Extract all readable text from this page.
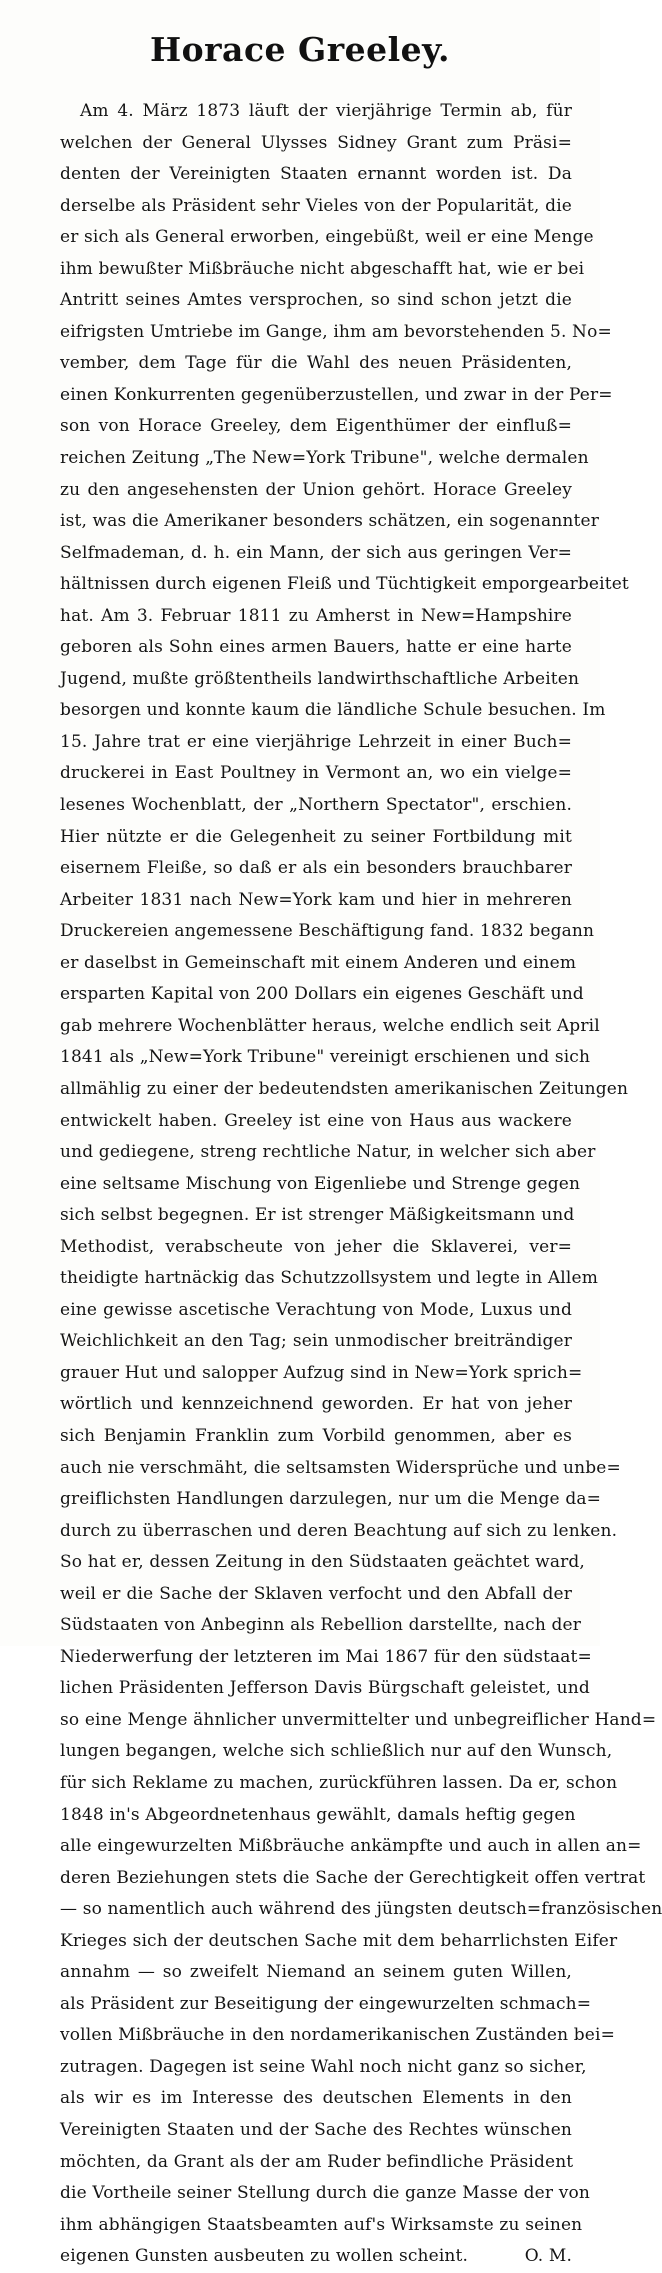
Horace Greeley.
Am 4. März 1873 läuft der vierjährige Termin ab, für
welchen der General Ulysses Sidney Grant zum Präsi=
denten der Vereinigten Staaten ernannt worden ist. Da
derselbe als Präsident sehr Vieles von der Popularität, die
er sich als General erworben, eingebüßt, weil er eine Menge
ihm bewußter Mißbräuche nicht abgeschafft hat, wie er bei
Antritt seines Amtes versprochen, so sind schon jetzt die
eifrigsten Umtriebe im Gange, ihm am bevorstehenden 5. No=
vember, dem Tage für die Wahl des neuen Präsidenten,
einen Konkurrenten gegenüberzustellen, und zwar in der Per=
son von Horace Greeley, dem Eigenthümer der einfluß=
reichen Zeitung „The New=York Tribune", welche dermalen
zu den angesehensten der Union gehört. Horace Greeley
ist, was die Amerikaner besonders schätzen, ein sogenannter
Selfmademan, d. h. ein Mann, der sich aus geringen Ver=
hältnissen durch eigenen Fleiß und Tüchtigkeit emporgearbeitet
hat. Am 3. Februar 1811 zu Amherst in New=Hampshire
geboren als Sohn eines armen Bauers, hatte er eine harte
Jugend, mußte größtentheils landwirthschaftliche Arbeiten
besorgen und konnte kaum die ländliche Schule besuchen. Im
15. Jahre trat er eine vierjährige Lehrzeit in einer Buch=
druckerei in East Poultney in Vermont an, wo ein vielge=
lesenes Wochenblatt, der „Northern Spectator", erschien.
Hier nützte er die Gelegenheit zu seiner Fortbildung mit
eisernem Fleiße, so daß er als ein besonders brauchbarer
Arbeiter 1831 nach New=York kam und hier in mehreren
Druckereien angemessene Beschäftigung fand. 1832 begann
er daselbst in Gemeinschaft mit einem Anderen und einem
ersparten Kapital von 200 Dollars ein eigenes Geschäft und
gab mehrere Wochenblätter heraus, welche endlich seit April
1841 als „New=York Tribune" vereinigt erschienen und sich
allmählig zu einer der bedeutendsten amerikanischen Zeitungen
entwickelt haben. Greeley ist eine von Haus aus wackere
und gediegene, streng rechtliche Natur, in welcher sich aber
eine seltsame Mischung von Eigenliebe und Strenge gegen
sich selbst begegnen. Er ist strenger Mäßigkeitsmann und
Methodist, verabscheute von jeher die Sklaverei, ver=
theidigte hartnäckig das Schutzzollsystem und legte in Allem
eine gewisse ascetische Verachtung von Mode, Luxus und
Weichlichkeit an den Tag; sein unmodischer breiträndiger
grauer Hut und salopper Aufzug sind in New=York sprich=
wörtlich und kennzeichnend geworden. Er hat von jeher
sich Benjamin Franklin zum Vorbild genommen, aber es
auch nie verschmäht, die seltsamsten Widersprüche und unbe=
greiflichsten Handlungen darzulegen, nur um die Menge da=
durch zu überraschen und deren Beachtung auf sich zu lenken.
So hat er, dessen Zeitung in den Südstaaten geächtet ward,
weil er die Sache der Sklaven verfocht und den Abfall der
Südstaaten von Anbeginn als Rebellion darstellte, nach der
Niederwerfung der letzteren im Mai 1867 für den südstaat=
lichen Präsidenten Jefferson Davis Bürgschaft geleistet, und
so eine Menge ähnlicher unvermittelter und unbegreiflicher Hand=
lungen begangen, welche sich schließlich nur auf den Wunsch,
für sich Reklame zu machen, zurückführen lassen. Da er, schon
1848 in's Abgeordnetenhaus gewählt, damals heftig gegen
alle eingewurzelten Mißbräuche ankämpfte und auch in allen an=
deren Beziehungen stets die Sache der Gerechtigkeit offen vertrat
— so namentlich auch während des jüngsten deutsch=französischen
Krieges sich der deutschen Sache mit dem beharrlichsten Eifer
annahm — so zweifelt Niemand an seinem guten Willen,
als Präsident zur Beseitigung der eingewurzelten schmach=
vollen Mißbräuche in den nordamerikanischen Zuständen bei=
zutragen. Dagegen ist seine Wahl noch nicht ganz so sicher,
als wir es im Interesse des deutschen Elements in den
Vereinigten Staaten und der Sache des Rechtes wünschen
möchten, da Grant als der am Ruder befindliche Präsident
die Vortheile seiner Stellung durch die ganze Masse der von
ihm abhängigen Staatsbeamten auf's Wirksamste zu seinen
eigenen Gunsten ausbeuten zu wollen scheint.	O. M.
